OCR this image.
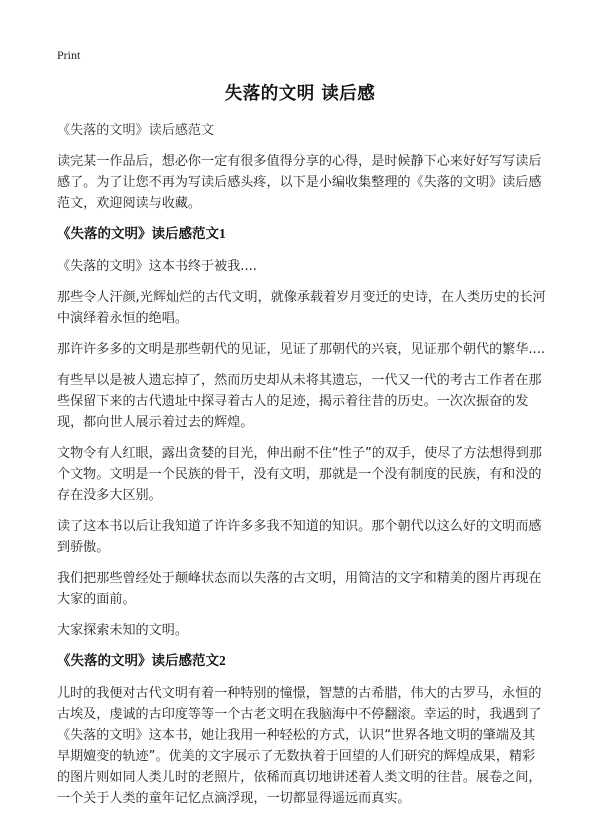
Print
失落的文明 读后感

《失落的文明》读后感范文

读完某一作品后，想必你一定有很多值得分享的心得，是时候静下心来好好写写读后感了。为了让您不再为写读后感头疼，以下是小编收集整理的《失落的文明》读后感范文，欢迎阅读与收藏。

《失落的文明》读后感范文1

《失落的文明》这本书终于被我....

那些令人汗颜,光辉灿烂的古代文明，就像承载着岁月变迁的史诗，在人类历史的长河中演绎着永恒的绝唱。

那许许多多的文明是那些朝代的见证，见证了那朝代的兴衰，见证那个朝代的繁华....

有些早以是被人遗忘掉了，然而历史却从未将其遗忘，一代又一代的考古工作者在那些保留下来的古代遗址中探寻着古人的足迹，揭示着往昔的历史。一次次振奋的发现，都向世人展示着过去的辉煌。

文物令有人红眼，露出贪婪的目光，伸出耐不住“性子”的双手，使尽了方法想得到那个文物。文明是一个民族的骨干，没有文明，那就是一个没有制度的民族，有和没的存在没多大区别。

读了这本书以后让我知道了许许多多我不知道的知识。那个朝代以这么好的文明而感到骄傲。

我们把那些曾经处于颠峰状态而以失落的古文明，用简洁的文字和精美的图片再现在大家的面前。

大家探索未知的文明。

《失落的文明》读后感范文2

儿时的我便对古代文明有着一种特别的憧憬，智慧的古希腊，伟大的古罗马，永恒的古埃及，虔诚的古印度等等一个古老文明在我脑海中不停翻滚。幸运的时，我遇到了《失落的文明》这本书，她让我用一种轻松的方式，认识“世界各地文明的肇端及其早期嬗变的轨迹”。优美的文字展示了无数执着于回望的人们研究的辉煌成果，精彩的图片则如同人类儿时的老照片，依稀而真切地讲述着人类文明的往昔。展卷之间，一个关于人类的童年记忆点滴浮现，一切都显得遥远而真实。
